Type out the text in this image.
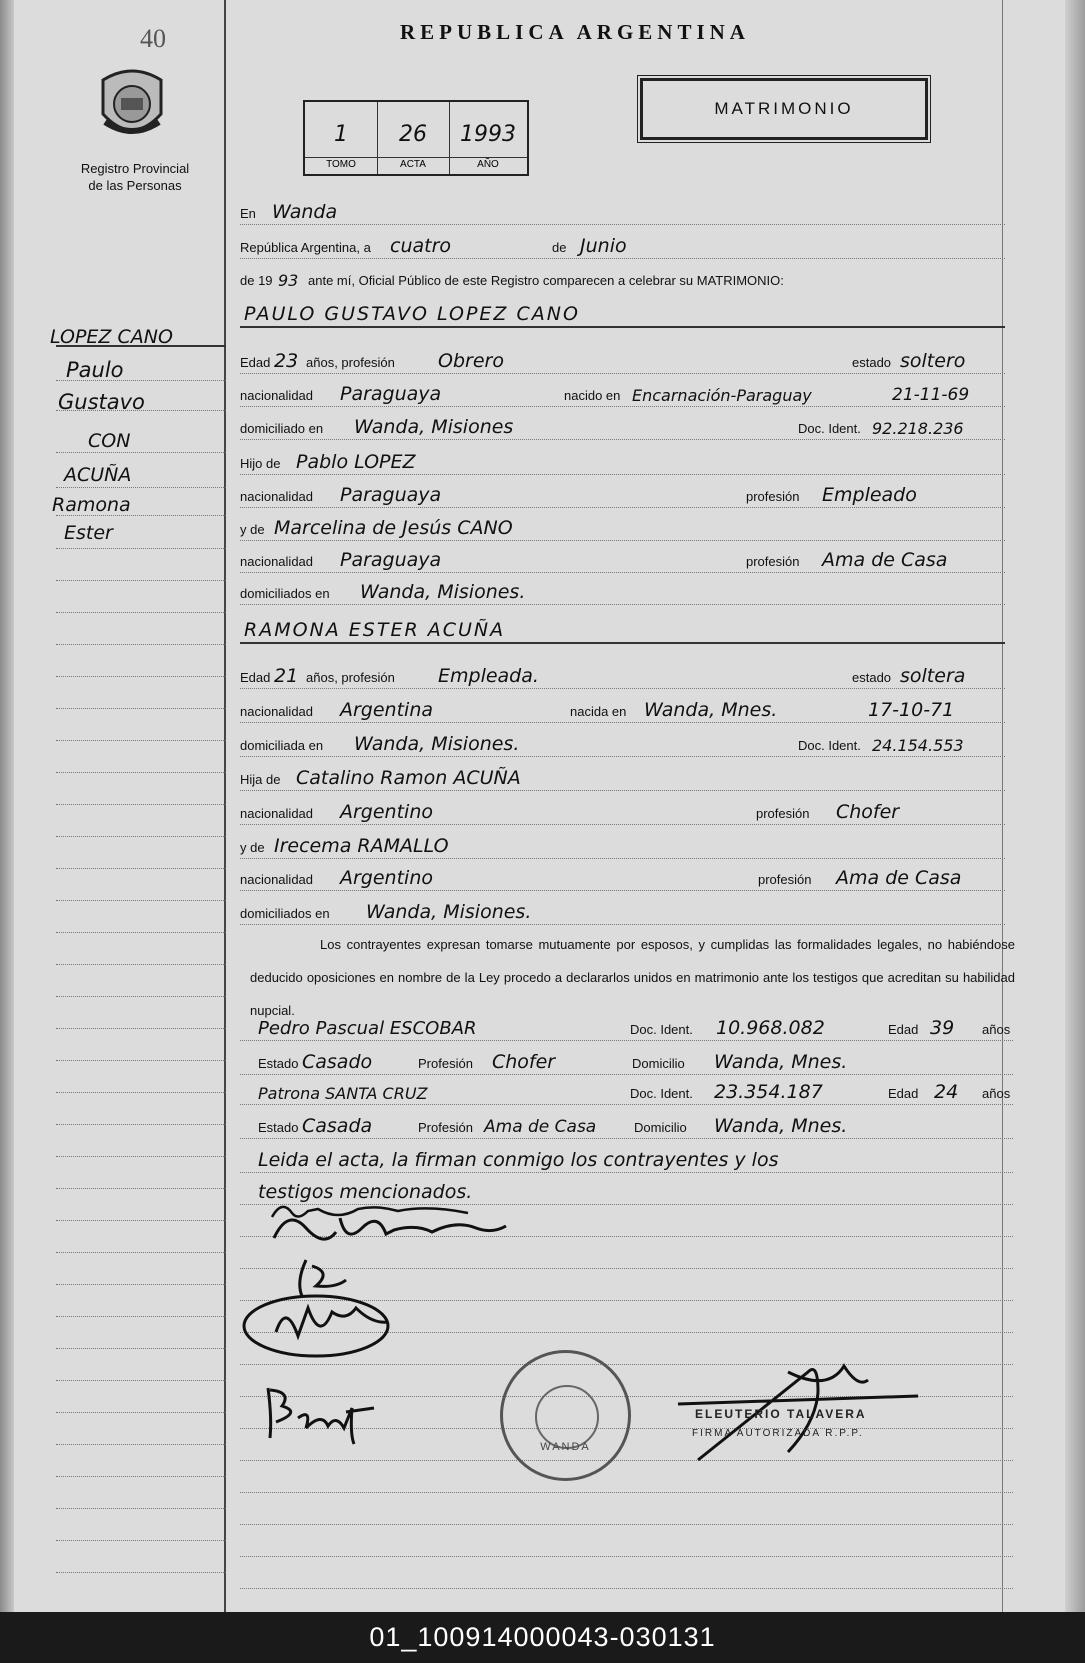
40
Registro Provincial
de las Personas
LOPEZ CANO
Paulo
Gustavo
CON
ACUÑA
Ramona
Ester
REPUBLICA ARGENTINA
1
TOMO
26
ACTA
1993
AÑO
MATRIMONIO
En Wanda
República Argentina, a cuatro	de Junio
de 19 93 ante mí, Oficial Público de este Registro comparecen a celebrar su MATRIMONIO:
PAULO GUSTAVO LOPEZ CANO
Edad 23 años, profesión Obrero	estado soltero
nacionalidad Paraguaya	nacido en Encarnación-Paraguay	21-11-69
domiciliado en Wanda, Misiones	Doc. Ident. 92.218.236
Hijo de Pablo LOPEZ
nacionalidad Paraguaya	profesión Empleado
y de Marcelina de Jesús CANO
nacionalidad Paraguaya	profesión Ama de Casa
domiciliados en Wanda, Misiones.
RAMONA ESTER ACUÑA
Edad 21 años, profesión Empleada.	estado soltera
nacionalidad Argentina	nacida en Wanda, Mnes.	17-10-71
domiciliada en Wanda, Misiones.	Doc. Ident. 24.154.553
Hija de Catalino Ramon ACUÑA
nacionalidad Argentino	profesión Chofer
y de Irecema RAMALLO
nacionalidad Argentino	profesión Ama de Casa
domiciliados en Wanda, Misiones.
Los contrayentes expresan tomarse mutuamente por esposos, y cumplidas las formalidades legales, no habiéndose deducido oposiciones en nombre de la Ley procedo a declararlos unidos en matrimonio ante los testigos que acreditan su habilidad nupcial.
Pedro Pascual ESCOBAR	Doc. Ident. 10.968.082	Edad 39 años
Estado Casado	Profesión Chofer	Domicilio Wanda, Mnes.
Patrona SANTA CRUZ	Doc. Ident. 23.354.187	Edad 24 años
Estado Casada	Profesión Ama de Casa	Domicilio Wanda, Mnes.
Leida el acta, la firman conmigo los contrayentes y los
testigos mencionados.
ELEUTERIO TALAVERA
FIRMA AUTORIZADA R.P.P.
WANDA
01_100914000043-030131
